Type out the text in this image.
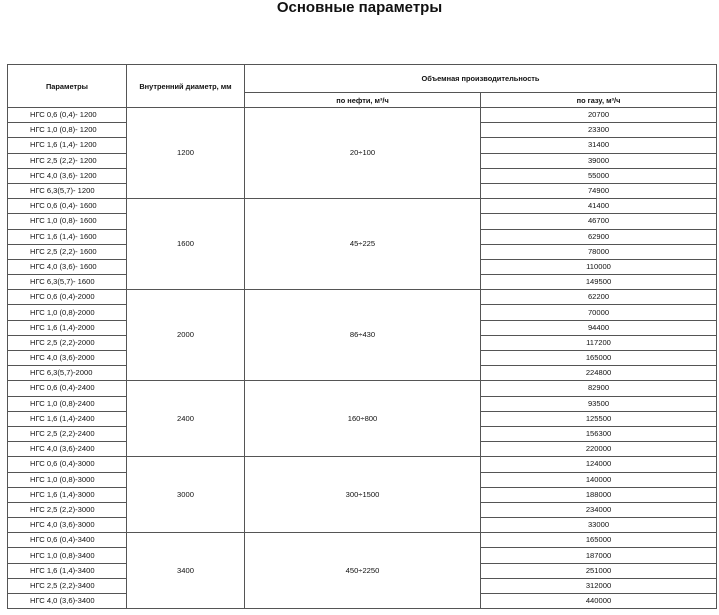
Основные параметры
Параметры	Внутренний диаметр, мм	Объемная производительность	
		по нефти, м³/ч	по газу, м³/ч
НГС 0,6 (0,4)- 1200	1200	20÷100	20700
НГС 1,0 (0,8)- 1200			23300
НГС 1,6 (1,4)- 1200			31400
НГС 2,5 (2,2)- 1200			39000
НГС 4,0 (3,6)- 1200			55000
НГС 6,3(5,7)- 1200			74900
НГС 0,6 (0,4)- 1600	1600	45÷225	41400
НГС 1,0 (0,8)- 1600			46700
НГС 1,6 (1,4)- 1600			62900
НГС 2,5 (2,2)- 1600			78000
НГС 4,0 (3,6)- 1600			110000
НГС 6,3(5,7)- 1600			149500
НГС 0,6 (0,4)-2000	2000	86÷430	62200
НГС 1,0 (0,8)-2000			70000
НГС 1,6 (1,4)-2000			94400
НГС 2,5 (2,2)-2000			117200
НГС 4,0 (3,6)-2000			165000
НГС 6,3(5,7)-2000			224800
НГС 0,6 (0,4)-2400	2400	160÷800	82900
НГС 1,0 (0,8)-2400			93500
НГС 1,6 (1,4)-2400			125500
НГС 2,5 (2,2)-2400			156300
НГС 4,0 (3,6)-2400			220000
НГС 0,6 (0,4)-3000	3000	300÷1500	124000
НГС 1,0 (0,8)-3000			140000
НГС 1,6 (1,4)-3000			188000
НГС 2,5 (2,2)-3000			234000
НГС 4,0 (3,6)-3000			33000
НГС 0,6 (0,4)-3400	3400	450÷2250	165000
НГС 1,0 (0,8)-3400			187000
НГС 1,6 (1,4)-3400			251000
НГС 2,5 (2,2)-3400			312000
НГС 4,0 (3,6)-3400			440000
